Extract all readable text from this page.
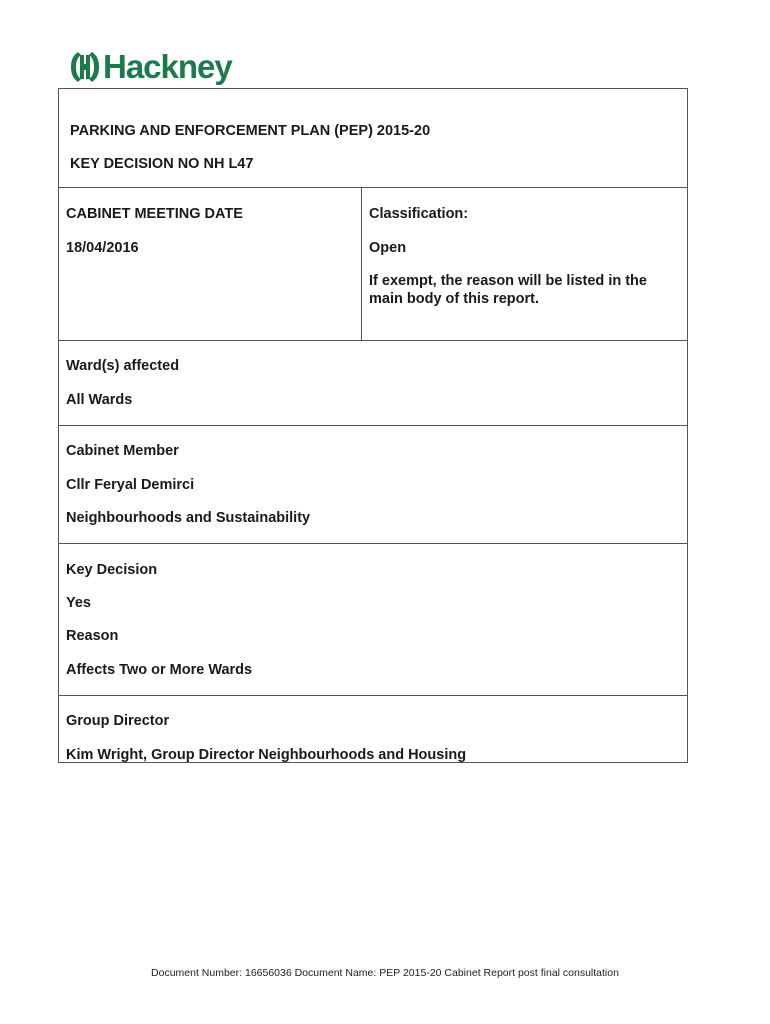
Hackney
PARKING AND ENFORCEMENT PLAN (PEP) 2015-20
KEY DECISION NO NH L47
CABINET MEETING DATE
18/04/2016
Classification:
Open
If exempt, the reason will be listed in the main body of this report.
Ward(s) affected
All Wards
Cabinet Member
Cllr Feryal Demirci
Neighbourhoods and Sustainability
Key Decision
Yes
Reason
Affects Two or More Wards
Group Director
Kim Wright, Group Director Neighbourhoods and Housing
Document Number: 16656036 Document Name: PEP 2015-20 Cabinet Report post final consultation
